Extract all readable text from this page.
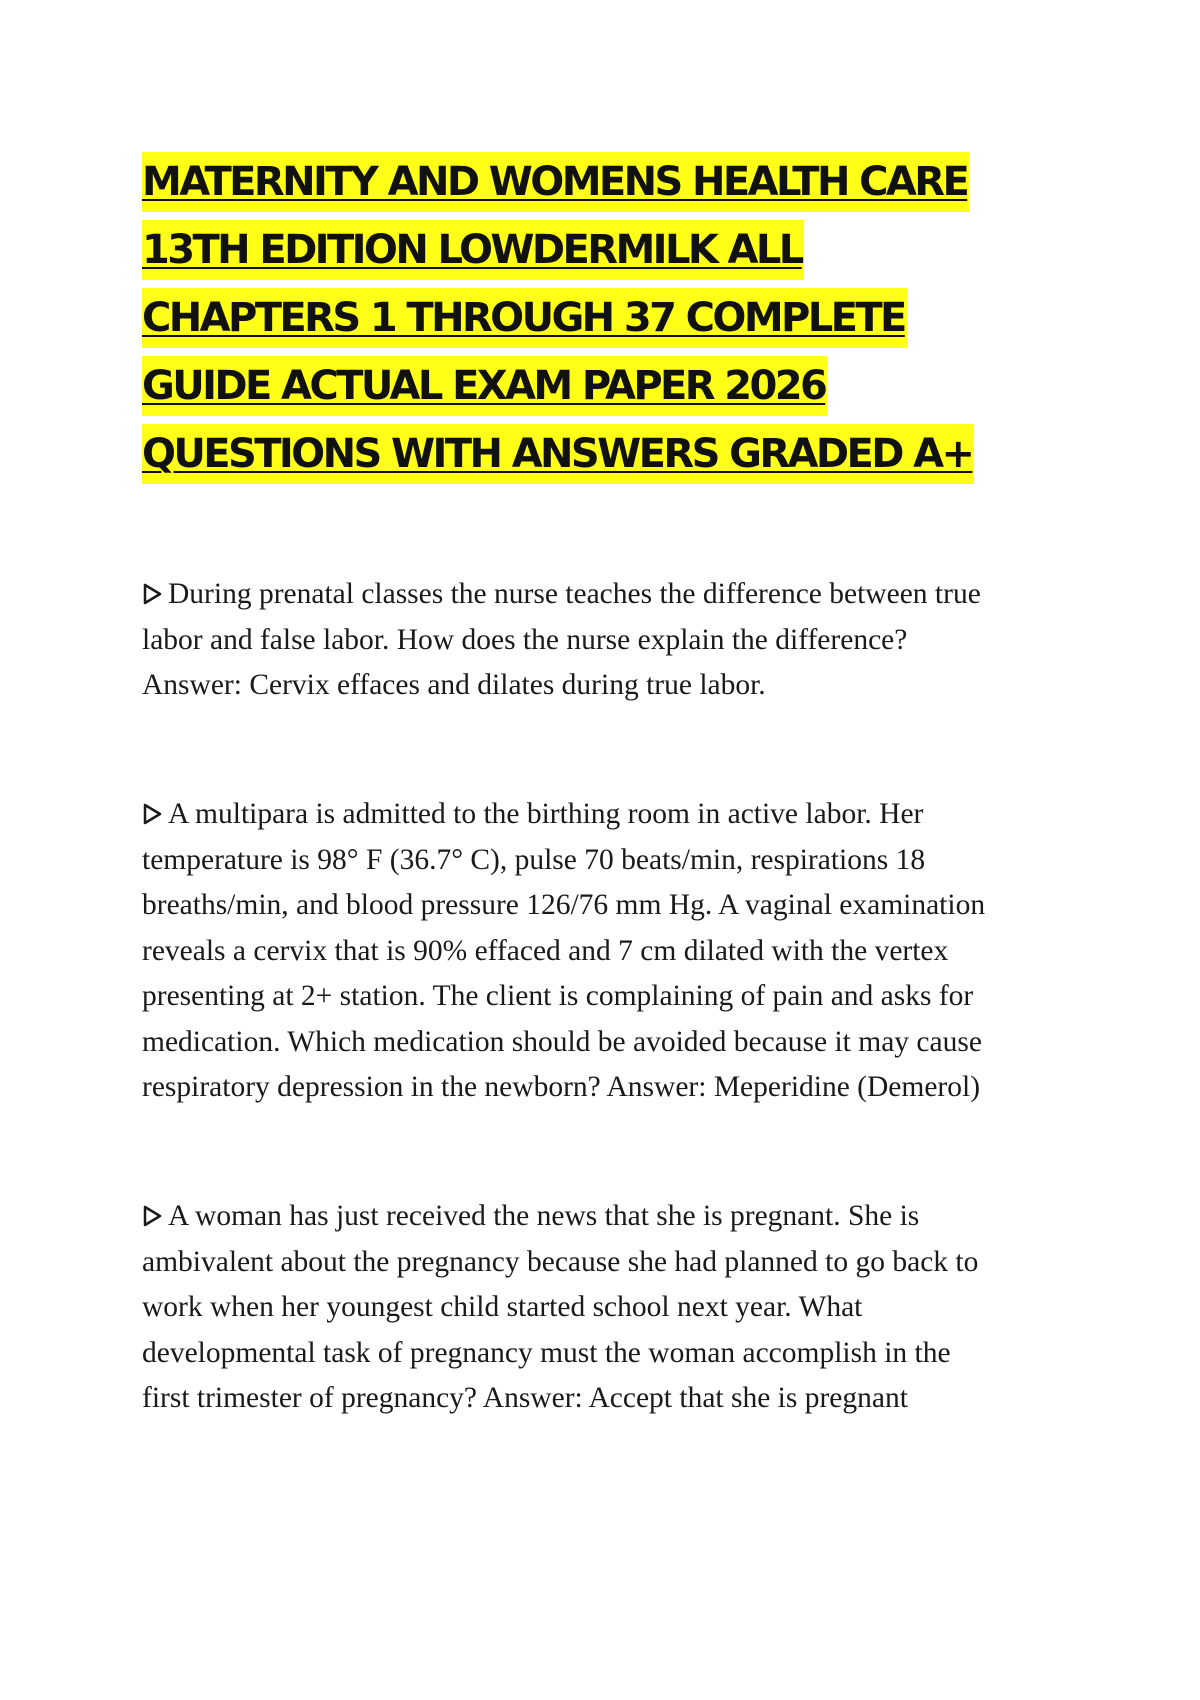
MATERNITY AND WOMENS HEALTH CARE
13TH EDITION LOWDERMILK ALL
CHAPTERS 1 THROUGH 37 COMPLETE
GUIDE ACTUAL EXAM PAPER 2026
QUESTIONS WITH ANSWERS GRADED A+
During prenatal classes the nurse teaches the difference between true
labor and false labor. How does the nurse explain the difference?
Answer: Cervix effaces and dilates during true labor.
A multipara is admitted to the birthing room in active labor. Her
temperature is 98° F (36.7° C), pulse 70 beats/min, respirations 18
breaths/min, and blood pressure 126/76 mm Hg. A vaginal examination
reveals a cervix that is 90% effaced and 7 cm dilated with the vertex
presenting at 2+ station. The client is complaining of pain and asks for
medication. Which medication should be avoided because it may cause
respiratory depression in the newborn? Answer: Meperidine (Demerol)
A woman has just received the news that she is pregnant. She is
ambivalent about the pregnancy because she had planned to go back to
work when her youngest child started school next year. What
developmental task of pregnancy must the woman accomplish in the
first trimester of pregnancy? Answer: Accept that she is pregnant
